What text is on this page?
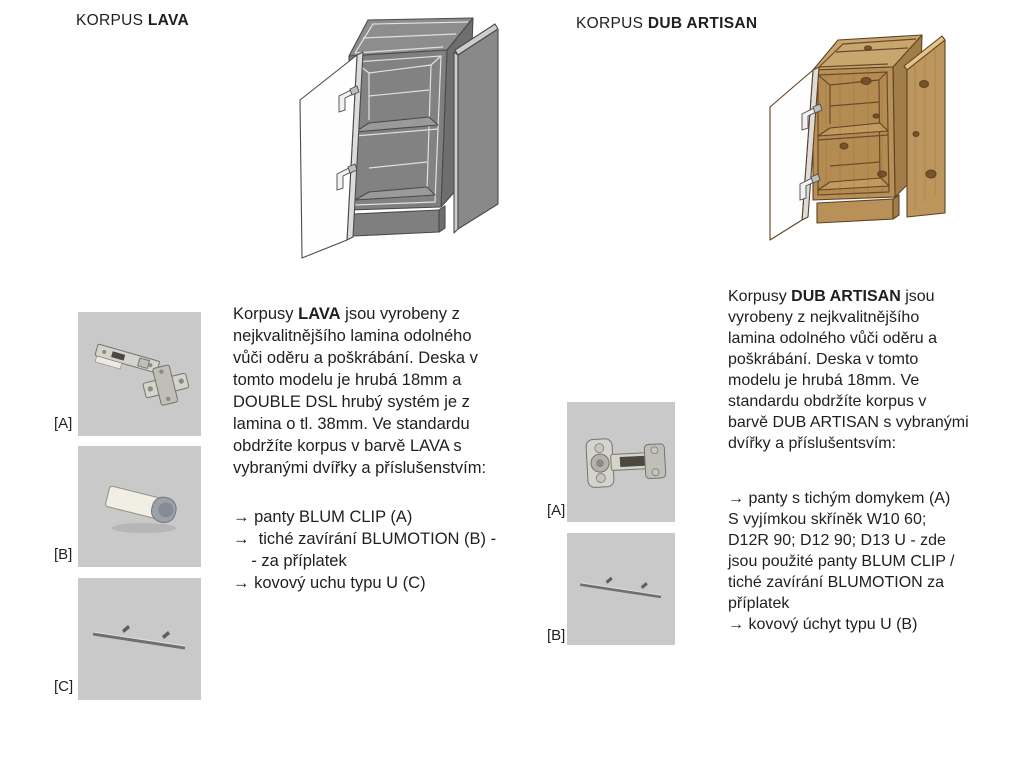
KORPUS LAVA	KORPUS DUB ARTISAN
[A]
[B]
[C]
[A]
[B]
Korpusy LAVA jsou vyrobeny z
nejkvalitnějšího lamina odolného
vůči oděru a poškrábání. Deska v
tomto modelu je hrubá 18mm a
DOUBLE DSL hrubý systém je z
lamina o tl. 38mm. Ve standardu
obdržíte korpus v barvě LAVA s
vybranými dvířky a příslušenstvím:
→ panty BLUM CLIP (A)
→  tiché zavírání BLUMOTION (B) -
- za příplatek
→ kovový uchu typu U (C)
Korpusy DUB ARTISAN jsou
vyrobeny z nejkvalitnějšího
lamina odolného vůči oděru a
poškrábání. Deska v tomto
modelu je hrubá 18mm. Ve
standardu obdržíte korpus v
barvě DUB ARTISAN s vybranými
dvířky a příslušentsvím:
→ panty s tichým domykem (A)
S vyjímkou skříněk W10 60;
D12R 90; D12 90; D13 U - zde
jsou použité panty BLUM CLIP /
tiché zavírání BLUMOTION za
příplatek
→ kovový úchyt typu U (B)
